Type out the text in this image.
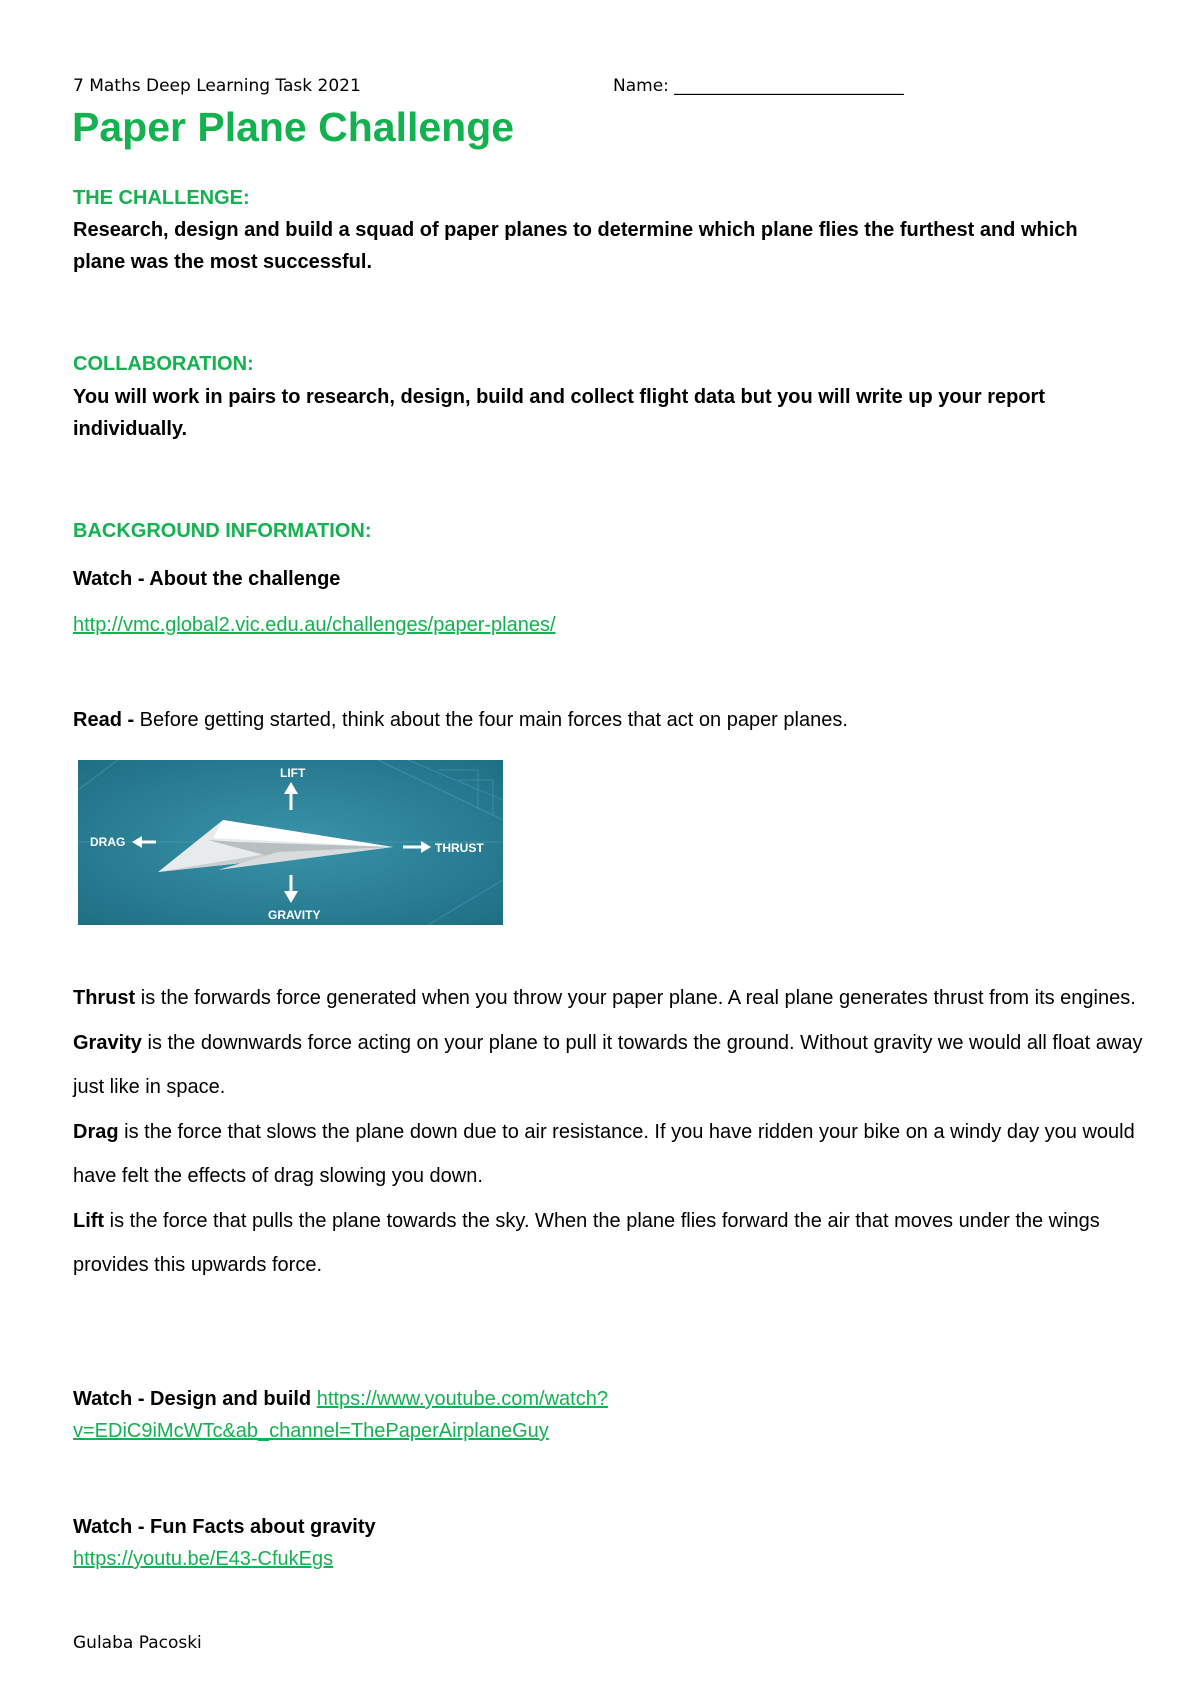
7 Maths Deep Learning Task 2021	Name: ___________________________
Paper Plane Challenge
THE CHALLENGE:
Research, design and build a squad of paper planes to determine which plane flies the furthest and which plane was the most successful.
COLLABORATION:
You will work in pairs to research, design, build and collect flight data but you will write up your report individually.
BACKGROUND INFORMATION:
Watch - About the challenge
http://vmc.global2.vic.edu.au/challenges/paper-planes/
Read - Before getting started, think about the four main forces that act on paper planes.
LIFT
DRAG	THRUST
GRAVITY
Thrust is the forwards force generated when you throw your paper plane. A real plane generates thrust from its engines.
Gravity is the downwards force acting on your plane to pull it towards the ground. Without gravity we would all float away just like in space.
Drag is the force that slows the plane down due to air resistance. If you have ridden your bike on a windy day you would have felt the effects of drag slowing you down.
Lift is the force that pulls the plane towards the sky. When the plane flies forward the air that moves under the wings provides this upwards force.
Watch - Design and build https://www.youtube.com/watch?
v=EDiC9iMcWTc&ab_channel=ThePaperAirplaneGuy
Watch - Fun Facts about gravity
https://youtu.be/E43-CfukEgs
Gulaba Pacoski
